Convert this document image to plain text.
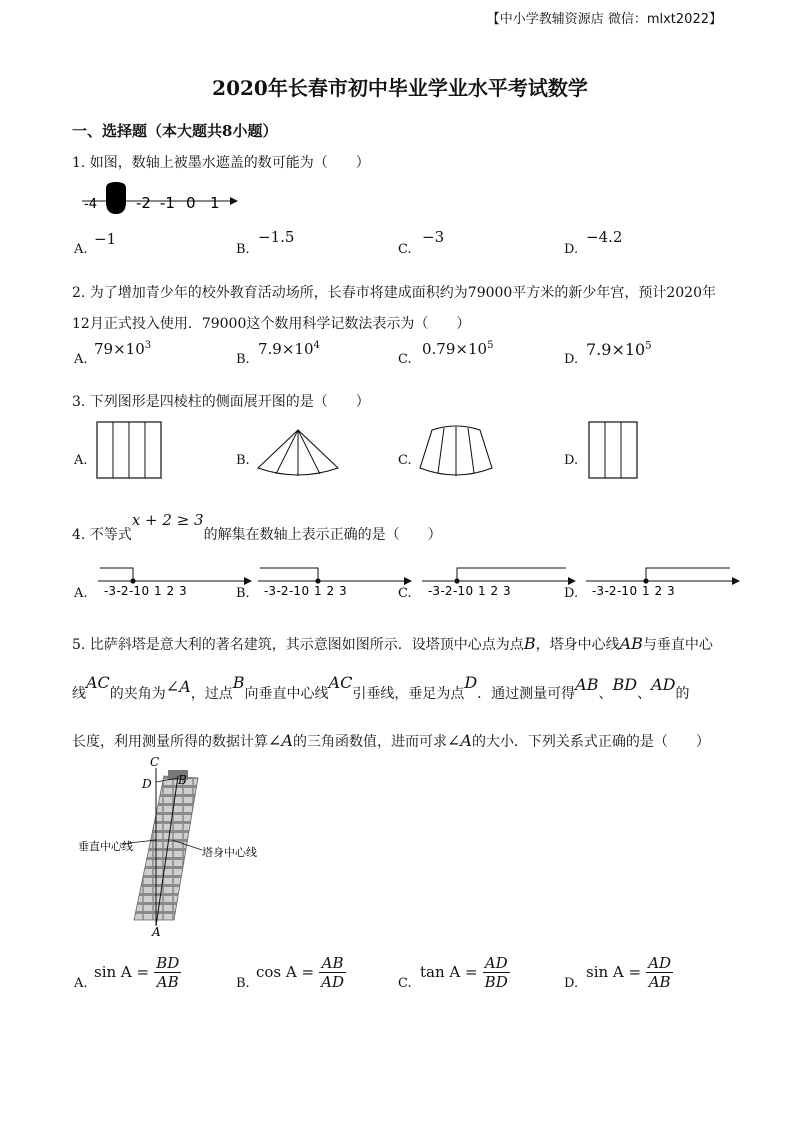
【中小学教辅资源店 微信：mlxt2022】
2020年长春市初中毕业学业水平考试数学
一、选择题（本大题共8小题）
1. 如图，数轴上被墨水遮盖的数可能为（　　）
-4	-2 -1 0 1
A.
−1
B.
−1.5
C.
−3
D.
−4.2
2. 为了增加青少年的校外教育活动场所，长春市将建成面积约为79000平方米的新少年宫，预计2020年
12月正式投入使用．79000这个数用科学记数法表示为（　　）
A.
$79\times 10^3$
B.
$7.9\times 10^4$
C.
$0.79\times 10^5$
D.
$7.9\times 10^5$
3. 下列图形是四棱柱的侧面展开图的是（　　）
A.	B.	C.	D.
4. 不等式x + 2 ≥ 3的解集在数轴上表示正确的是（　　）
A.	B.	C.	D.
-3 -2 -1 0 1 2 3	-3 -2 -1 0 1 2 3	-3 -2 -1 0 1 2 3	-3 -2 -1 0 1 2 3
5. 比萨斜塔是意大利的著名建筑，其示意图如图所示．设塔顶中心点为点B，塔身中心线AB与垂直中心
线AC的夹角为∠A，过点B向垂直中心线AC引垂线，垂足为点D．通过测量可得AB、BD、AD的
长度，利用测量所得的数据计算∠A的三角函数值，进而可求∠A的大小．下列关系式正确的是（　　）
C
D B
A
垂直中心线	塔身中心线
A.
$\sin A = \frac{BD}{AB}$	B.
$\cos A = \frac{AB}{AD}$	C.
$\tan A = \frac{AD}{BD}$	D.
$\sin A = \frac{AD}{AB}$
